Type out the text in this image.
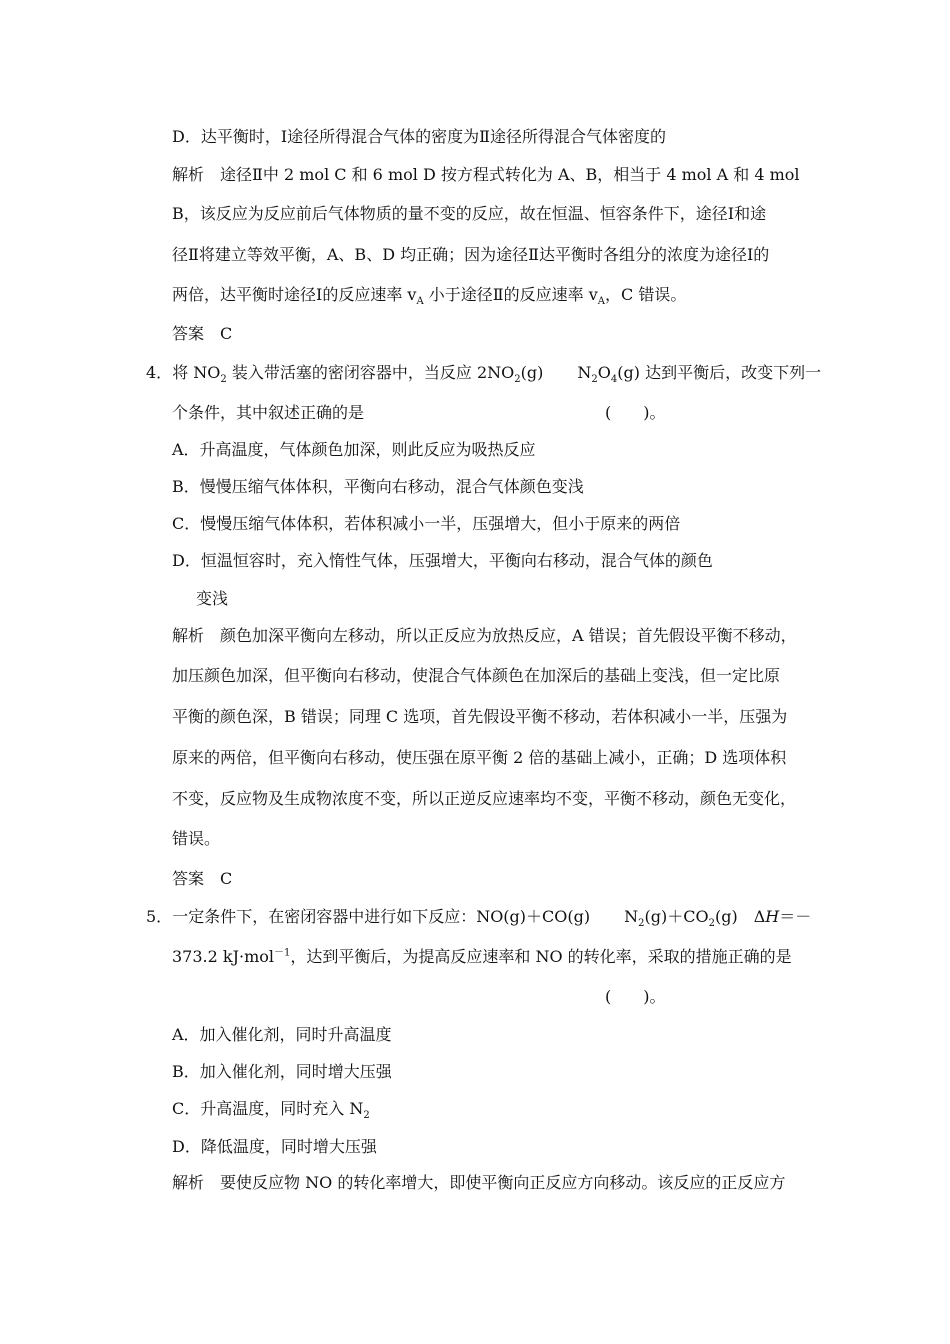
D．达平衡时，Ⅰ途径所得混合气体的密度为Ⅱ途径所得混合气体密度的
解析　 途径Ⅱ中 2 mol C 和 6 mol D 按方程式转化为 A、B，相当于 4 mol A 和 4 mol
B，该反应为反应前后气体物质的量不变的反应，故在恒温、恒容条件下，途径Ⅰ和途
径Ⅱ将建立等效平衡，A、B、D 均正确；因为途径Ⅱ达平衡时各组分的浓度为途径Ⅰ的
两倍，达平衡时途径Ⅰ的反应速率 $v_A$ 小于途径Ⅱ的反应速率 $v_A$，C 错误。
答案　 C
4．将 $NO_2$ 装入带活塞的密闭容器中，当反应 $2NO_2(g)$ $N_2O_4(g)$ 达到平衡后，改变下列一
个条件，其中叙述正确的是	(　　)。
A．升高温度，气体颜色加深，则此反应为吸热反应
B．慢慢压缩气体体积，平衡向右移动，混合气体颜色变浅
C．慢慢压缩气体体积，若体积减小一半，压强增大，但小于原来的两倍
D．恒温恒容时，充入惰性气体，压强增大，平衡向右移动，混合气体的颜色
变浅
解析　 颜色加深平衡向左移动，所以正反应为放热反应，A 错误；首先假设平衡不移动，
加压颜色加深，但平衡向右移动，使混合气体颜色在加深后的基础上变浅，但一定比原
平衡的颜色深，B 错误；同理 C 选项，首先假设平衡不移动，若体积减小一半，压强为
原来的两倍，但平衡向右移动，使压强在原平衡 2 倍的基础上减小，正确；D 选项体积
不变，反应物及生成物浓度不变，所以正逆反应速率均不变，平衡不移动，颜色无变化，
错误。
答案　 C
5．一定条件下，在密闭容器中进行如下反应：NO(g)＋CO(g) $N_2(g)+CO_2(g)$　ΔH＝－
373.2 kJ·mol$^{-1}$，达到平衡后，为提高反应速率和 NO 的转化率，采取的措施正确的是
(　　)。
A．加入催化剂，同时升高温度
B．加入催化剂，同时增大压强
C．升高温度，同时充入 $N_2$
D．降低温度，同时增大压强
解析　 要使反应物 NO 的转化率增大，即使平衡向正反应方向移动。该反应的正反应方
